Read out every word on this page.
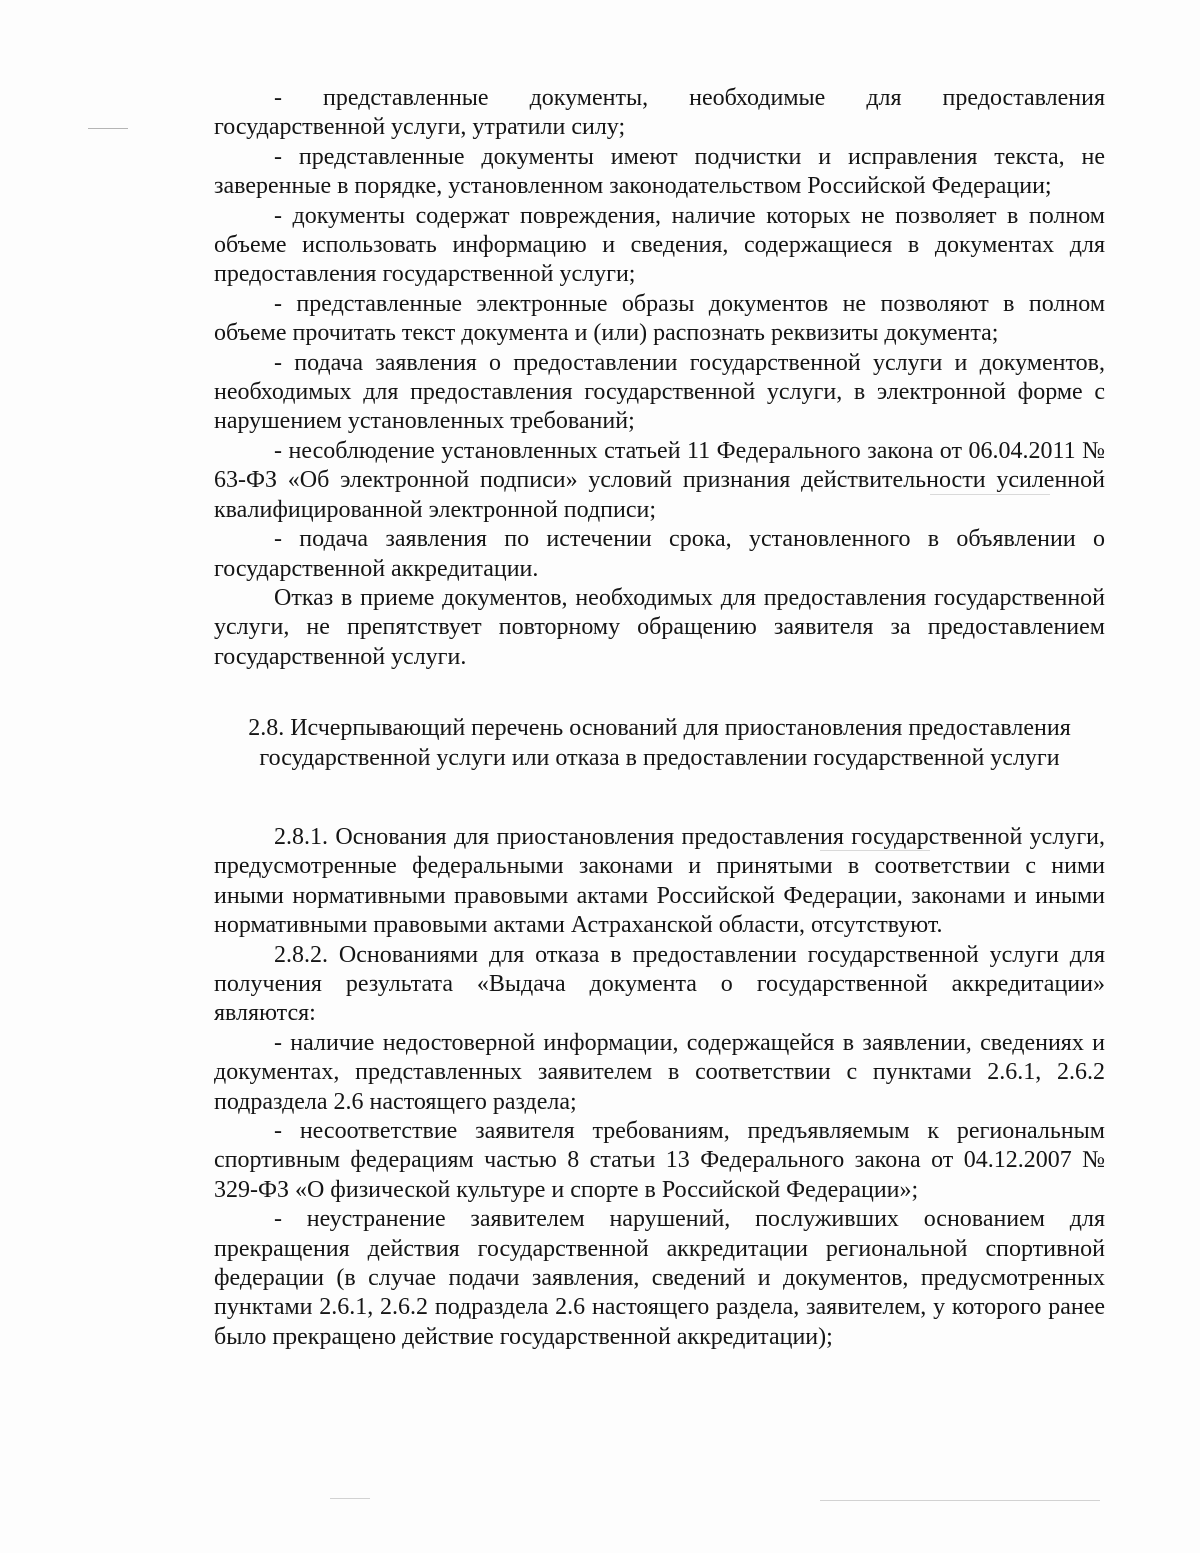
- представленные документы, необходимые для предоставления государственной услуги, утратили силу;

- представленные документы имеют подчистки и исправления текста, не заверенные в порядке, установленном законодательством Российской Федерации;

- документы содержат повреждения, наличие которых не позволяет в полном объеме использовать информацию и сведения, содержащиеся в документах для предоставления государственной услуги;

- представленные электронные образы документов не позволяют в полном объеме прочитать текст документа и (или) распознать реквизиты документа;

- подача заявления о предоставлении государственной услуги и документов, необходимых для предоставления государственной услуги, в электронной форме с нарушением установленных требований;

- несоблюдение установленных статьей 11 Федерального закона от 06.04.2011 № 63-ФЗ «Об электронной подписи» условий признания действительности усиленной квалифицированной электронной подписи;

- подача заявления по истечении срока, установленного в объявлении о государственной аккредитации.

Отказ в приеме документов, необходимых для предоставления государственной услуги, не препятствует повторному обращению заявителя за предоставлением государственной услуги.

2.8. Исчерпывающий перечень оснований для приостановления предоставления государственной услуги или отказа в предоставлении государственной услуги

2.8.1. Основания для приостановления предоставления государственной услуги, предусмотренные федеральными законами и принятыми в соответствии с ними иными нормативными правовыми актами Российской Федерации, законами и иными нормативными правовыми актами Астраханской области, отсутствуют.

2.8.2. Основаниями для отказа в предоставлении государственной услуги для получения результата «Выдача документа о государственной аккредитации» являются:

- наличие недостоверной информации, содержащейся в заявлении, сведениях и документах, представленных заявителем в соответствии с пунктами 2.6.1, 2.6.2 подраздела 2.6 настоящего раздела;

- несоответствие заявителя требованиям, предъявляемым к региональным спортивным федерациям частью 8 статьи 13 Федерального закона от 04.12.2007 № 329-ФЗ «О физической культуре и спорте в Российской Федерации»;

- неустранение заявителем нарушений, послуживших основанием для прекращения действия государственной аккредитации региональной спортивной федерации (в случае подачи заявления, сведений и документов, предусмотренных пунктами 2.6.1, 2.6.2 подраздела 2.6 настоящего раздела, заявителем, у которого ранее было прекращено действие государственной аккредитации);
